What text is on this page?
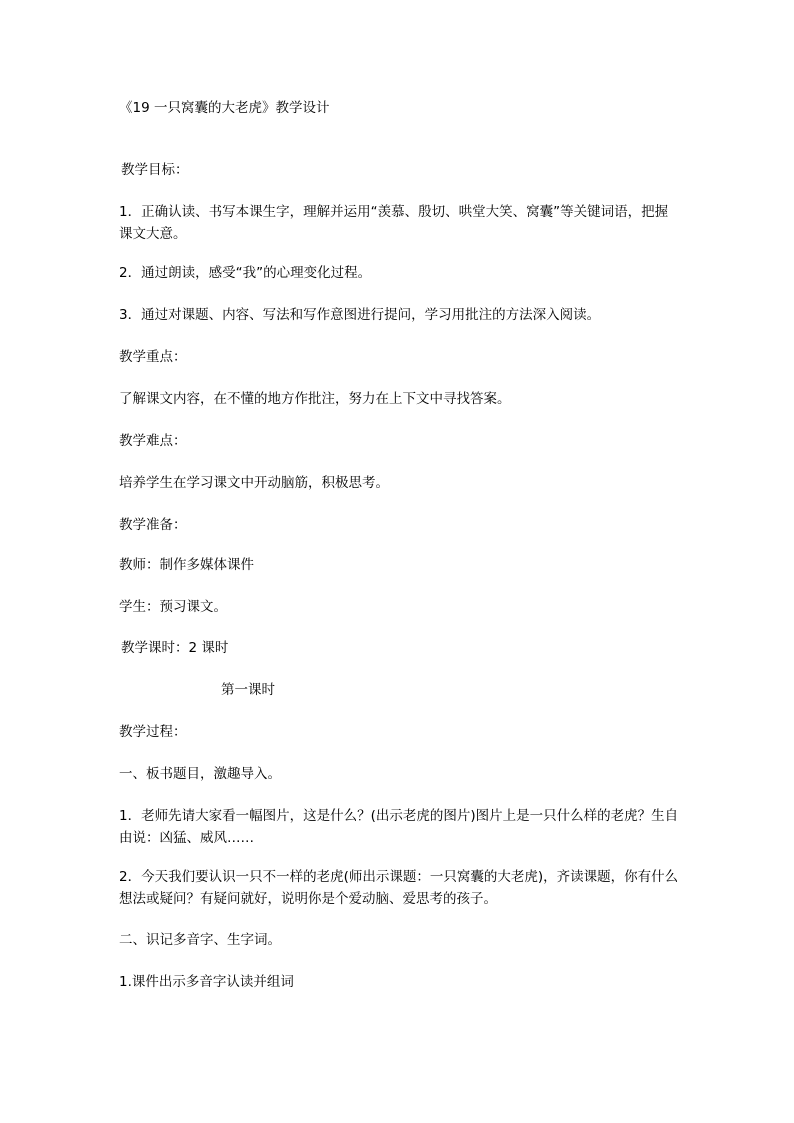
《19 一只窝囊的大老虎》教学设计
教学目标：
1．正确认读、书写本课生字，理解并运用“羡慕、殷切、哄堂大笑、窝囊”等关键词语，把握课文大意。
2．通过朗读，感受“我”的心理变化过程。
3．通过对课题、内容、写法和写作意图进行提问，学习用批注的方法深入阅读。
教学重点：
了解课文内容，在不懂的地方作批注，努力在上下文中寻找答案。
教学难点：
培养学生在学习课文中开动脑筋，积极思考。
教学准备：
教师：制作多媒体课件
学生：预习课文。
教学课时：2 课时
第一课时
教学过程：
一、板书题目，激趣导入。
1．老师先请大家看一幅图片，这是什么？(出示老虎的图片)图片上是一只什么样的老虎？生自由说：凶猛、威风……
2．今天我们要认识一只不一样的老虎(师出示课题：一只窝囊的大老虎)，齐读课题，你有什么想法或疑问？有疑问就好，说明你是个爱动脑、爱思考的孩子。
二、识记多音字、生字词。
1.课件出示多音字认读并组词
